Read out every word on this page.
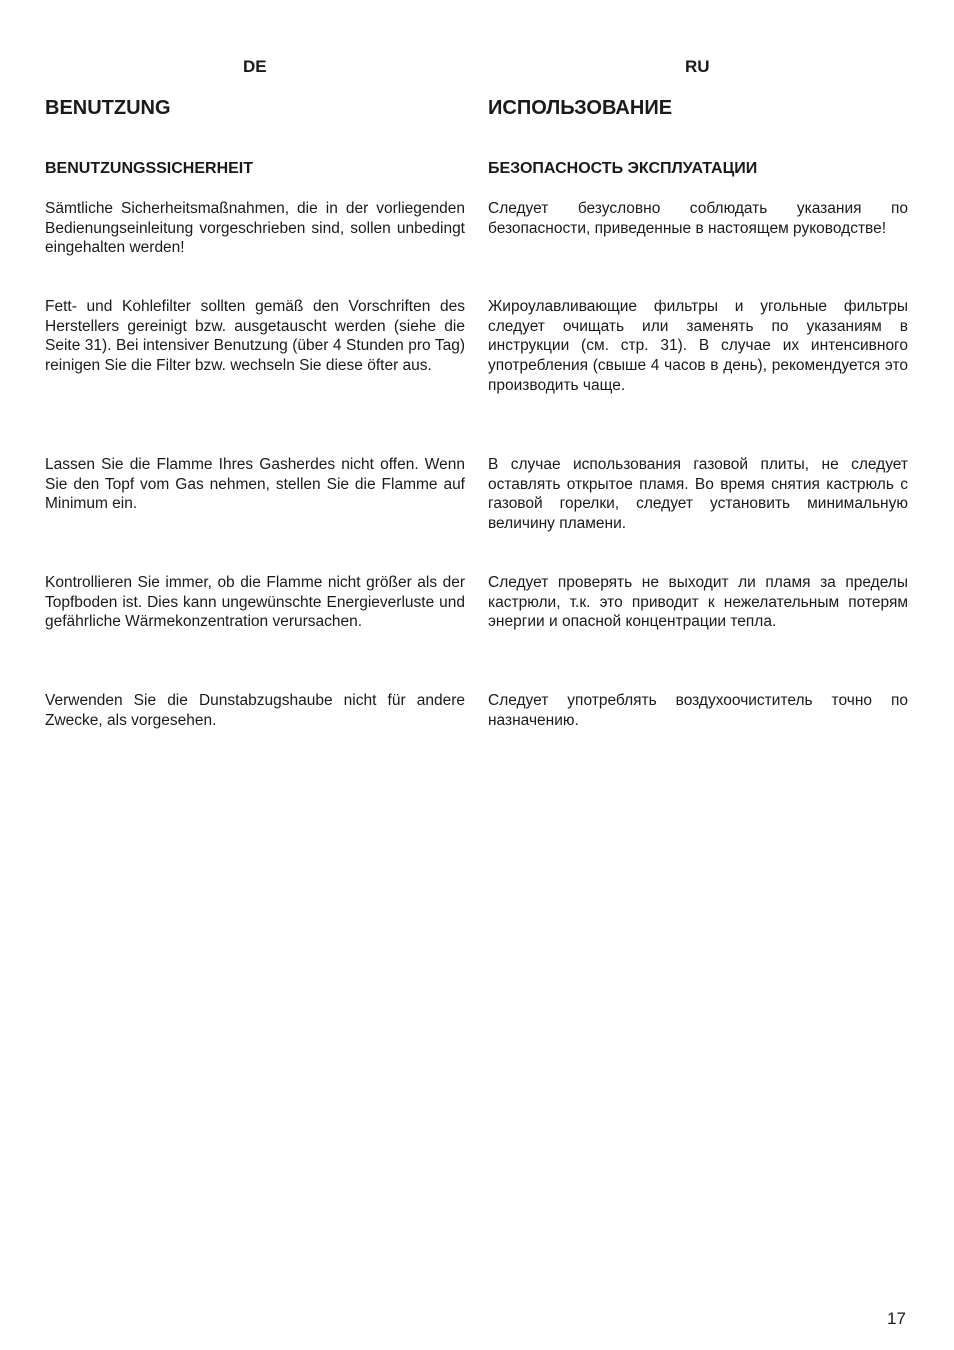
DE	RU
BENUTZUNG
BENUTZUNGSSICHERHEIT

Sämtliche Sicherheitsmaßnahmen, die in der vorliegenden Bedienungseinleitung vorgeschrieben sind, sollen unbedingt eingehalten werden!

Fett- und Kohlefilter sollten gemäß den Vorschriften des Herstellers gereinigt bzw. ausgetauscht werden (siehe die Seite 31). Bei intensiver Benutzung (über 4 Stunden pro Tag) reinigen Sie die Filter bzw. wechseln Sie diese öfter aus.

Lassen Sie die Flamme Ihres Gasherdes nicht offen. Wenn Sie den Topf vom Gas nehmen, stellen Sie die Flamme auf Minimum ein.

Kontrollieren Sie immer, ob die Flamme nicht größer als der Topfboden ist. Dies kann ungewünschte Energieverluste und gefährliche Wärmekonzentration verursachen.

Verwenden Sie die Dunstabzugshaube nicht für andere Zwecke, als vorgesehen.

ИСПОЛЬЗОВАНИЕ
БЕЗОПАСНОСТЬ ЭКСПЛУАТАЦИИ

Следует безусловно соблюдать указания по безопасности, приведенные в настоящем руководстве!

Жироулавливающие фильтры и угольные фильтры следует очищать или заменять по указаниям в инструкции (см. стр. 31). В случае их интенсивного употребления (свыше 4 часов в день), рекомендуется это производить чаще.

В случае использования газовой плиты, не следует оставлять открытое пламя. Во время снятия кастрюль с газовой горелки, следует установить минимальную величину пламени.

Следует проверять не выходит ли пламя за пределы кастрюли, т.к. это приводит к нежелательным потерям энергии и опасной концентрации тепла.

Следует употреблять воздухоочиститель точно по назначению.

17
